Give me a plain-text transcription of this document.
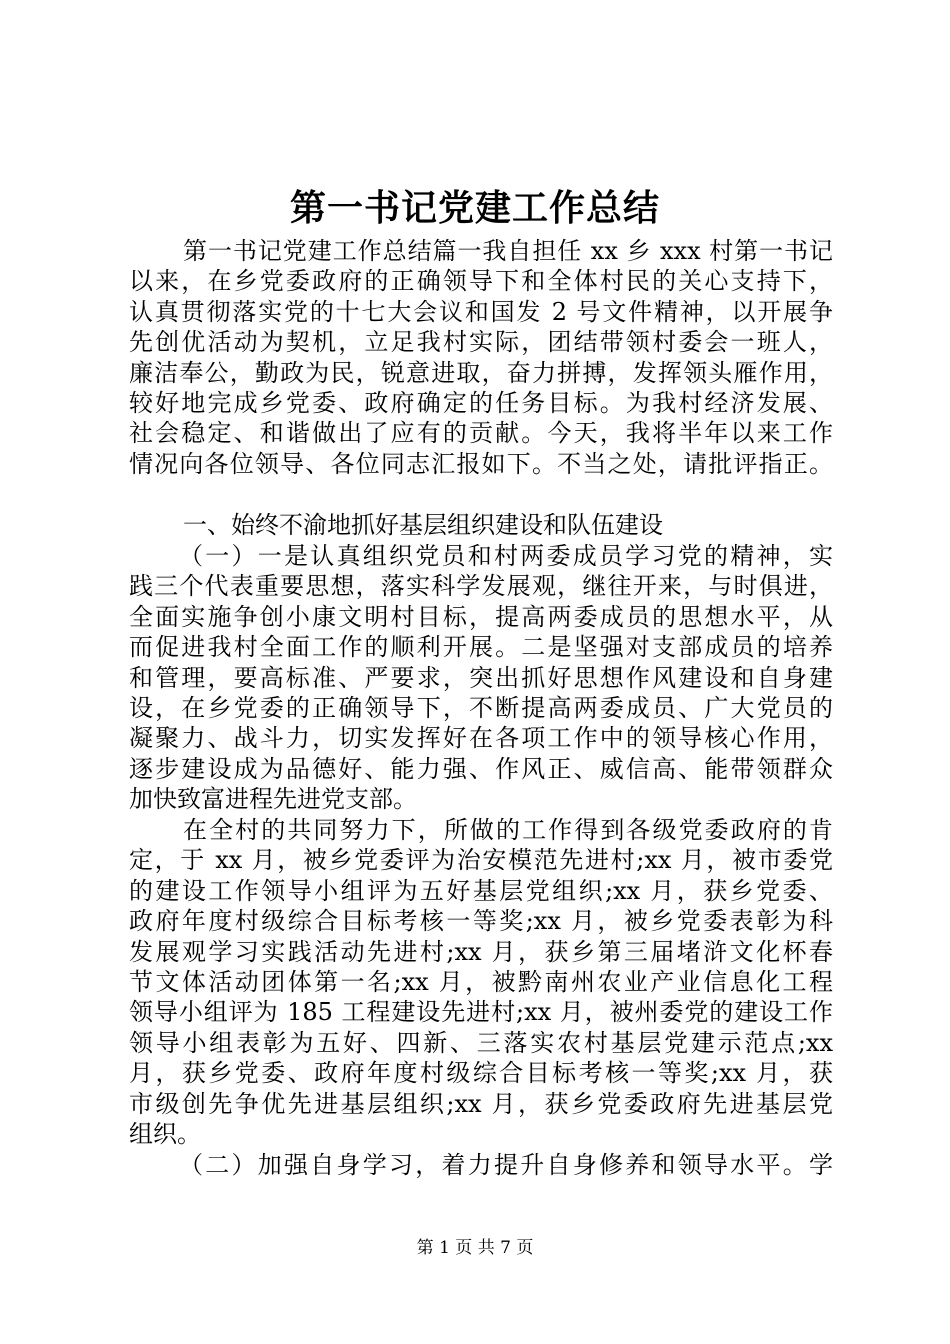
第一书记党建工作总结
第一书记党建工作总结篇一我自担任 xx 乡 xxx 村第一书记
以来，在乡党委政府的正确领导下和全体村民的关心支持下，
认真贯彻落实党的十七大会议和国发 2 号文件精神，以开展争
先创优活动为契机，立足我村实际，团结带领村委会一班人，
廉洁奉公，勤政为民，锐意进取，奋力拼搏，发挥领头雁作用，
较好地完成乡党委、政府确定的任务目标。为我村经济发展、
社会稳定、和谐做出了应有的贡献。今天，我将半年以来工作
情况向各位领导、各位同志汇报如下。不当之处，请批评指正。
一、始终不渝地抓好基层组织建设和队伍建设
（一）一是认真组织党员和村两委成员学习党的精神，实
践三个代表重要思想，落实科学发展观，继往开来，与时俱进，
全面实施争创小康文明村目标，提高两委成员的思想水平，从
而促进我村全面工作的顺利开展。二是坚强对支部成员的培养
和管理，要高标准、严要求，突出抓好思想作风建设和自身建
设，在乡党委的正确领导下，不断提高两委成员、广大党员的
凝聚力、战斗力，切实发挥好在各项工作中的领导核心作用，
逐步建设成为品德好、能力强、作风正、威信高、能带领群众
加快致富进程先进党支部。
在全村的共同努力下，所做的工作得到各级党委政府的肯
定，于 xx 月，被乡党委评为治安模范先进村;xx 月，被市委党
的建设工作领导小组评为五好基层党组织;xx 月，获乡党委、
政府年度村级综合目标考核一等奖;xx 月，被乡党委表彰为科
发展观学习实践活动先进村;xx 月，获乡第三届堵浒文化杯春
节文体活动团体第一名;xx 月，被黔南州农业产业信息化工程
领导小组评为 185 工程建设先进村;xx 月，被州委党的建设工作
领导小组表彰为五好、四新、三落实农村基层党建示范点;xx
月，获乡党委、政府年度村级综合目标考核一等奖;xx 月，获
市级创先争优先进基层组织;xx 月，获乡党委政府先进基层党
组织。
（二）加强自身学习，着力提升自身修养和领导水平。学
第 1 页 共 7 页
